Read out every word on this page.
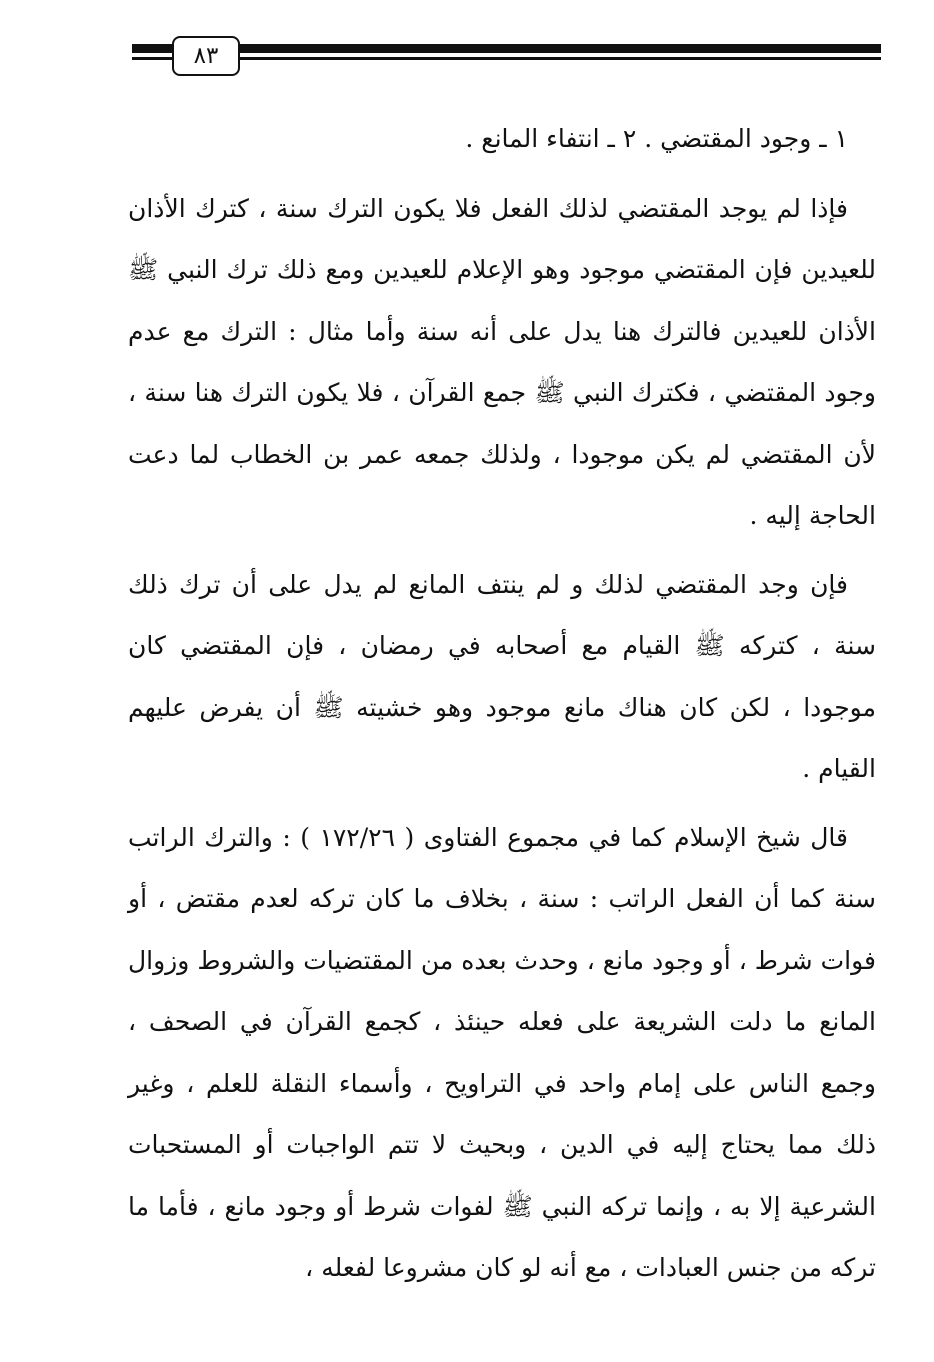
٨٣

١ ـ وجود المقتضي . ٢ ـ انتفاء المانع .

فإذا لم يوجد المقتضي لذلك الفعل فلا يكون الترك سنة ، كترك الأذان للعيدين فإن المقتضي موجود وهو الإعلام للعيدين ومع ذلك ترك النبي ﷺ الأذان للعيدين فالترك هنا يدل على أنه سنة وأما مثال : الترك مع عدم وجود المقتضي ، فكترك النبي ﷺ جمع القرآن ، فلا يكون الترك هنا سنة ، لأن المقتضي لم يكن موجودا ، ولذلك جمعه عمر بن الخطاب لما دعت الحاجة إليه .

فإن وجد المقتضي لذلك و لم ينتف المانع لم يدل على أن ترك ذلك سنة ، كتركه ﷺ القيام مع أصحابه في رمضان ، فإن المقتضي كان موجودا ، لكن كان هناك مانع موجود وهو خشيته ﷺ أن يفرض عليهم القيام .

قال شيخ الإسلام كما في مجموع الفتاوى ( ١٧٢/٢٦ ) : والترك الراتب سنة كما أن الفعل الراتب : سنة ، بخلاف ما كان تركه لعدم مقتض ، أو فوات شرط ، أو وجود مانع ، وحدث بعده من المقتضيات والشروط وزوال المانع ما دلت الشريعة على فعله حينئذ ، كجمع القرآن في الصحف ، وجمع الناس على إمام واحد في التراويح ، وأسماء النقلة للعلم ، وغير ذلك مما يحتاج إليه في الدين ، وبحيث لا تتم الواجبات أو المستحبات الشرعية إلا به ، وإنما تركه النبي ﷺ لفوات شرط أو وجود مانع ، فأما ما تركه من جنس العبادات ، مع أنه لو كان مشروعا لفعله ،
